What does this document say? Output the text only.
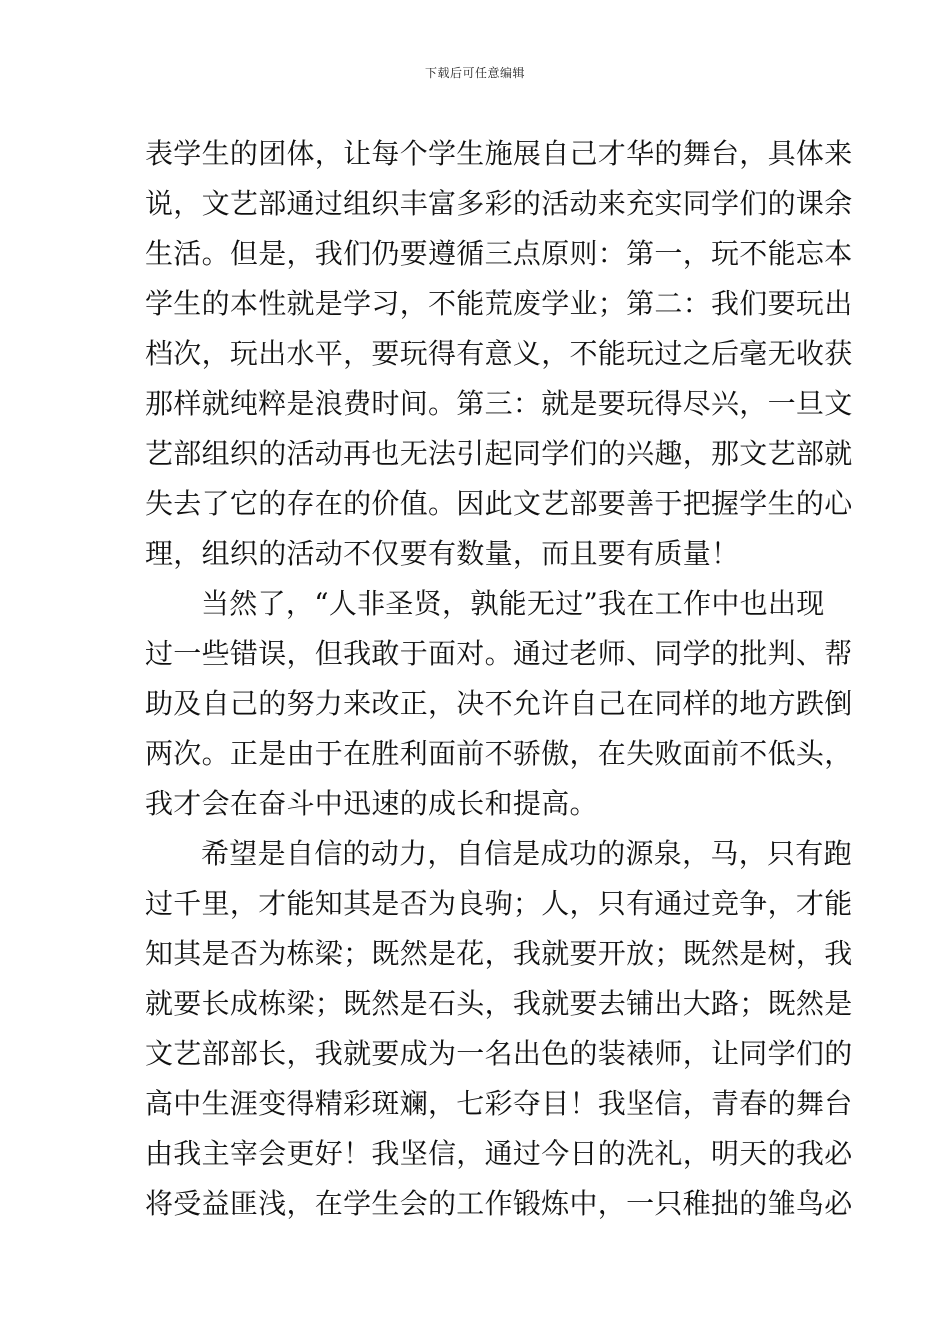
下载后可任意编辑
表学生的团体，让每个学生施展自己才华的舞台，具体来
说，文艺部通过组织丰富多彩的活动来充实同学们的课余
生活。但是，我们仍要遵循三点原则：第一，玩不能忘本
学生的本性就是学习，不能荒废学业；第二：我们要玩出
档次，玩出水平，要玩得有意义，不能玩过之后毫无收获
那样就纯粹是浪费时间。第三：就是要玩得尽兴，一旦文
艺部组织的活动再也无法引起同学们的兴趣，那文艺部就
失去了它的存在的价值。因此文艺部要善于把握学生的心
理，组织的活动不仅要有数量，而且要有质量！
当然了，“人非圣贤，孰能无过”我在工作中也出现
过一些错误，但我敢于面对。通过老师、同学的批判、帮
助及自己的努力来改正，决不允许自己在同样的地方跌倒
两次。正是由于在胜利面前不骄傲，在失败面前不低头，
我才会在奋斗中迅速的成长和提高。
希望是自信的动力，自信是成功的源泉，马，只有跑
过千里，才能知其是否为良驹；人，只有通过竞争，才能
知其是否为栋梁；既然是花，我就要开放；既然是树，我
就要长成栋梁；既然是石头，我就要去铺出大路；既然是
文艺部部长，我就要成为一名出色的装裱师，让同学们的
高中生涯变得精彩斑斓，七彩夺目！我坚信，青春的舞台
由我主宰会更好！我坚信，通过今日的洗礼，明天的我必
将受益匪浅，在学生会的工作锻炼中，一只稚拙的雏鸟必
